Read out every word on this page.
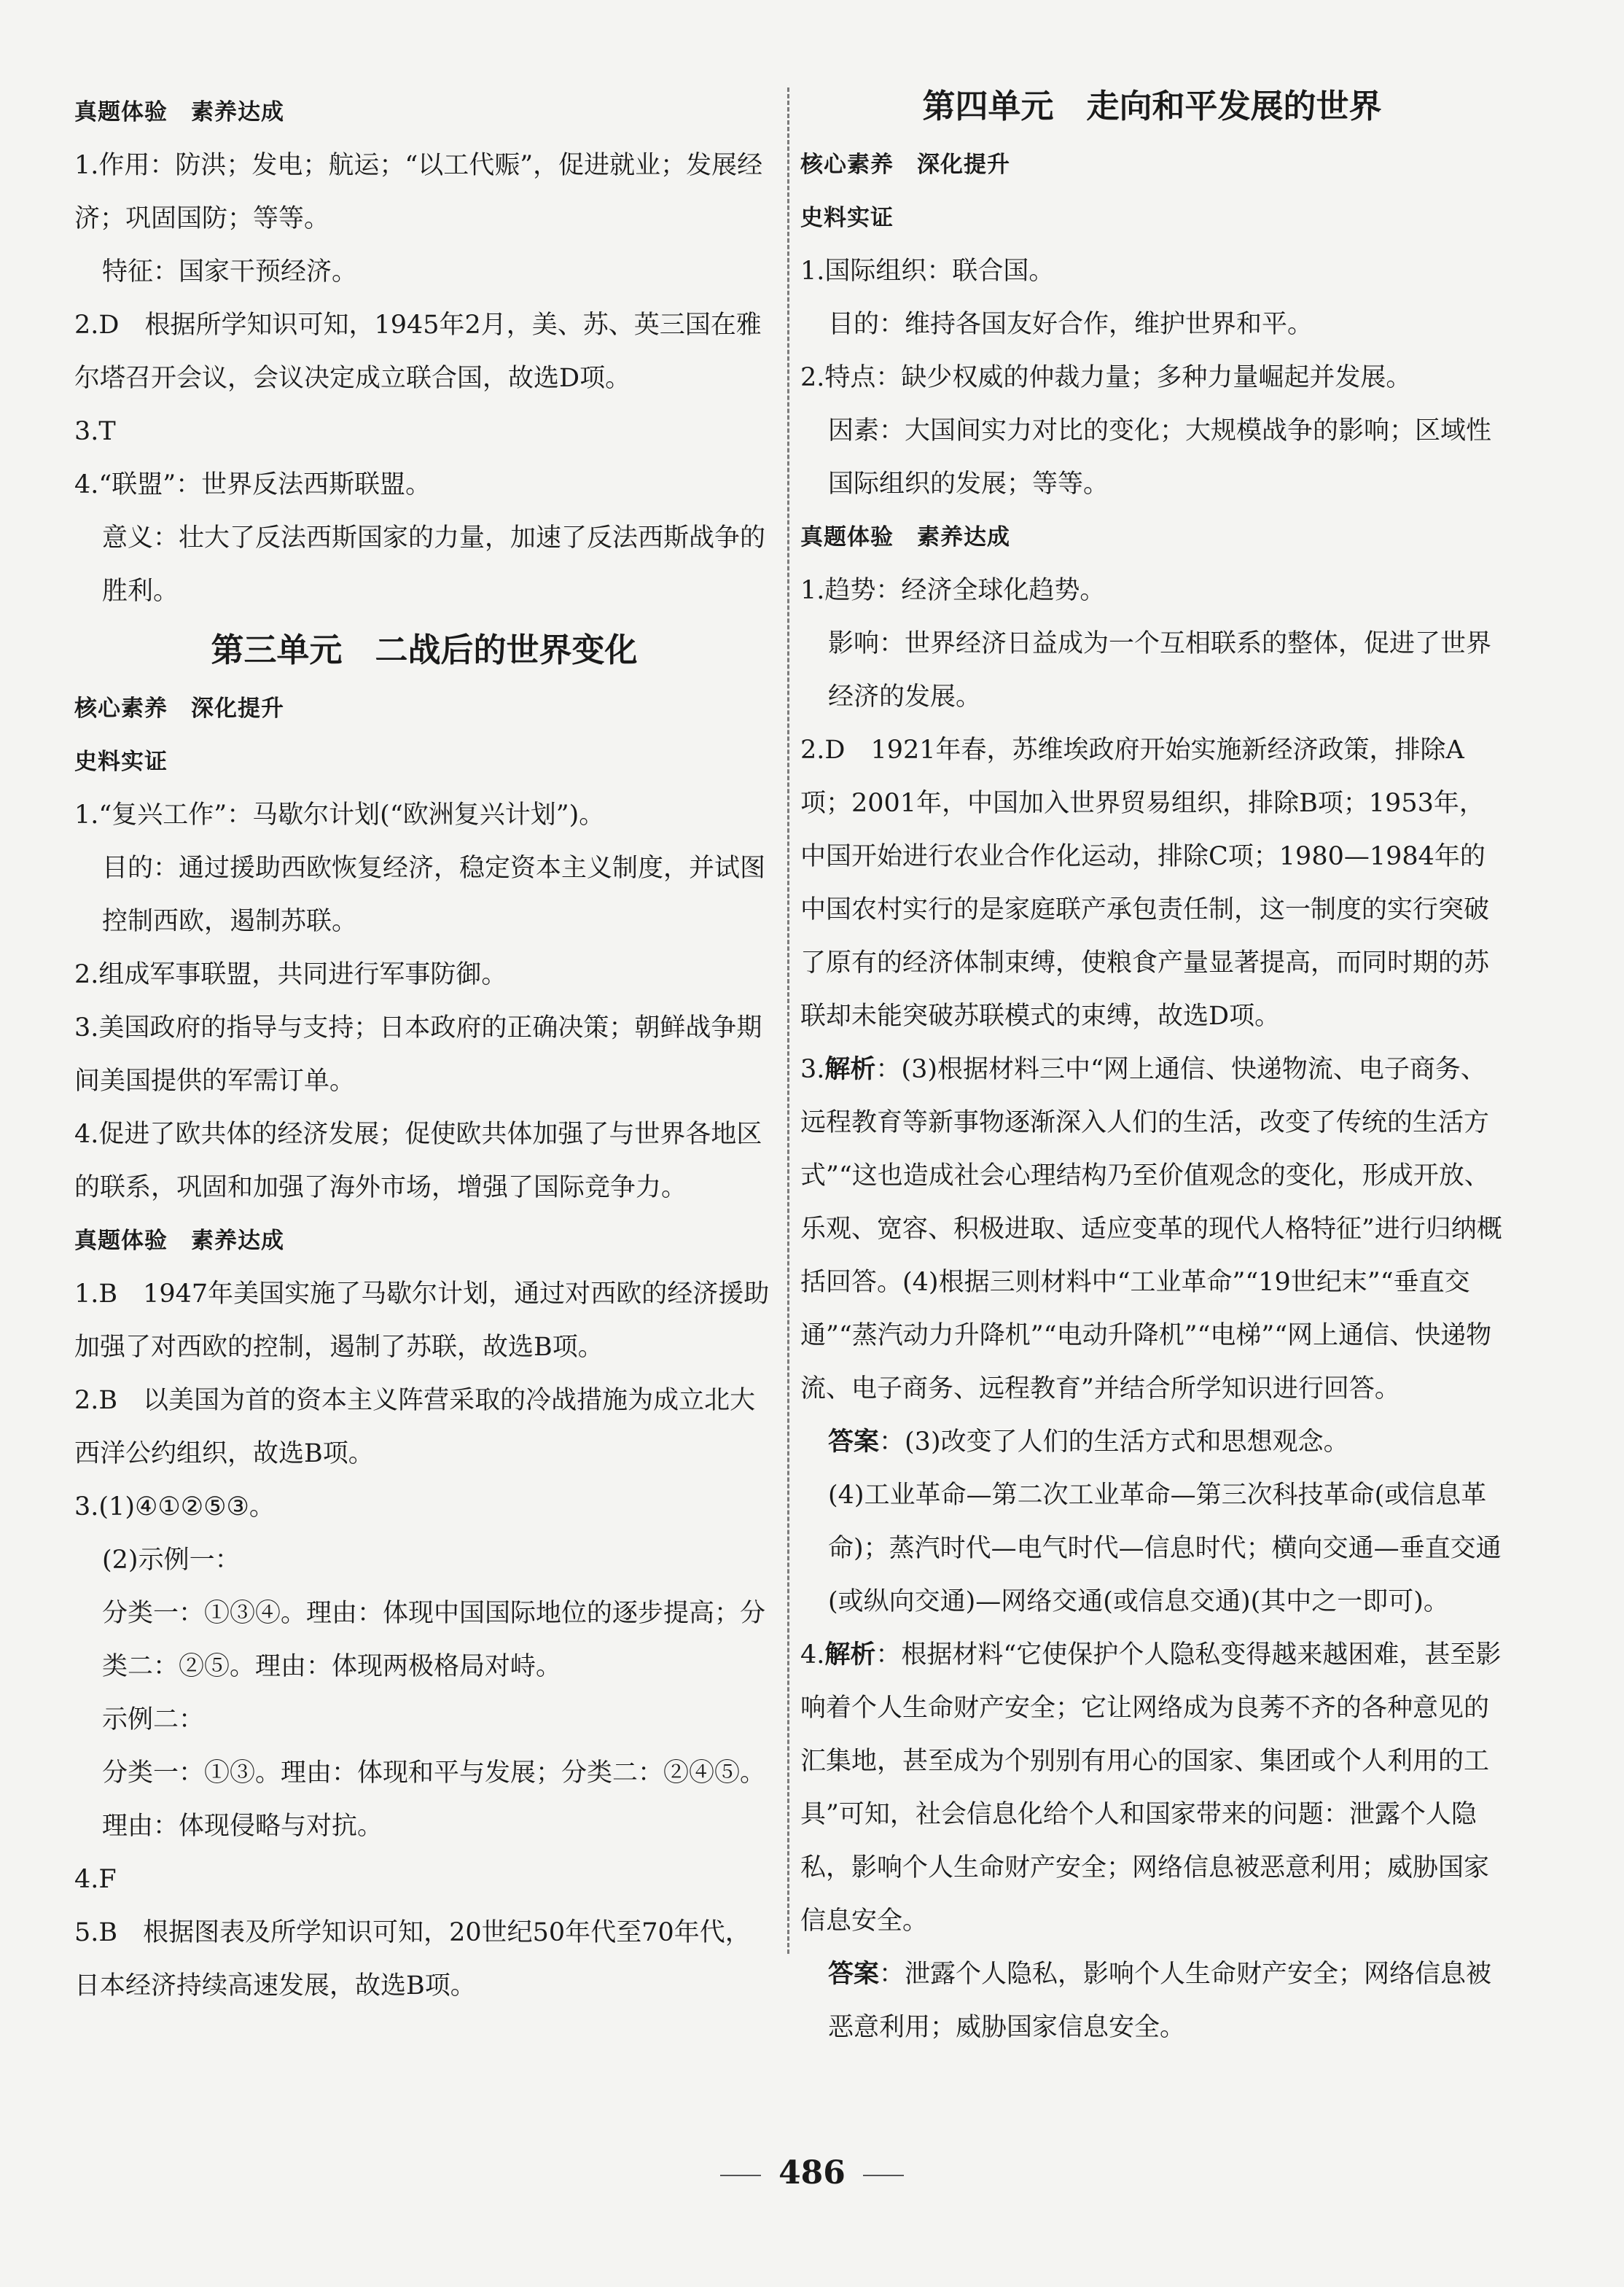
真题体验　素养达成

1.作用：防洪；发电；航运；“以工代赈”，促进就业；发展经济；巩固国防；等等。

特征：国家干预经济。

2.D　根据所学知识可知，1945年2月，美、苏、英三国在雅尔塔召开会议，会议决定成立联合国，故选D项。

3.T

4.“联盟”：世界反法西斯联盟。

意义：壮大了反法西斯国家的力量，加速了反法西斯战争的胜利。

第三单元　二战后的世界变化
核心素养　深化提升
史料实证

1.“复兴工作”：马歇尔计划(“欧洲复兴计划”)。

目的：通过援助西欧恢复经济，稳定资本主义制度，并试图控制西欧，遏制苏联。

2.组成军事联盟，共同进行军事防御。

3.美国政府的指导与支持；日本政府的正确决策；朝鲜战争期间美国提供的军需订单。

4.促进了欧共体的经济发展；促使欧共体加强了与世界各地区的联系，巩固和加强了海外市场，增强了国际竞争力。

真题体验　素养达成

1.B　1947年美国实施了马歇尔计划，通过对西欧的经济援助加强了对西欧的控制，遏制了苏联，故选B项。

2.B　以美国为首的资本主义阵营采取的冷战措施为成立北大西洋公约组织，故选B项。

3.(1)④①②⑤③。

(2)示例一：

分类一：①③④。理由：体现中国国际地位的逐步提高；分类二：②⑤。理由：体现两极格局对峙。

示例二：

分类一：①③。理由：体现和平与发展；分类二：②④⑤。理由：体现侵略与对抗。

4.F

5.B　根据图表及所学知识可知，20世纪50年代至70年代，日本经济持续高速发展，故选B项。

第四单元　走向和平发展的世界
核心素养　深化提升
史料实证

1.国际组织：联合国。

目的：维持各国友好合作，维护世界和平。

2.特点：缺少权威的仲裁力量；多种力量崛起并发展。

因素：大国间实力对比的变化；大规模战争的影响；区域性国际组织的发展；等等。

真题体验　素养达成

1.趋势：经济全球化趋势。

影响：世界经济日益成为一个互相联系的整体，促进了世界经济的发展。

2.D　1921年春，苏维埃政府开始实施新经济政策，排除A项；2001年，中国加入世界贸易组织，排除B项；1953年，中国开始进行农业合作化运动，排除C项；1980—1984年的中国农村实行的是家庭联产承包责任制，这一制度的实行突破了原有的经济体制束缚，使粮食产量显著提高，而同时期的苏联却未能突破苏联模式的束缚，故选D项。

3.解析：(3)根据材料三中“网上通信、快递物流、电子商务、远程教育等新事物逐渐深入人们的生活，改变了传统的生活方式”“这也造成社会心理结构乃至价值观念的变化，形成开放、乐观、宽容、积极进取、适应变革的现代人格特征”进行归纳概括回答。(4)根据三则材料中“工业革命”“19世纪末”“垂直交通”“蒸汽动力升降机”“电动升降机”“电梯”“网上通信、快递物流、电子商务、远程教育”并结合所学知识进行回答。

答案：(3)改变了人们的生活方式和思想观念。

(4)工业革命—第二次工业革命—第三次科技革命(或信息革命)；蒸汽时代—电气时代—信息时代；横向交通—垂直交通(或纵向交通)—网络交通(或信息交通)(其中之一即可)。

4.解析：根据材料“它使保护个人隐私变得越来越困难，甚至影响着个人生命财产安全；它让网络成为良莠不齐的各种意见的汇集地，甚至成为个别别有用心的国家、集团或个人利用的工具”可知，社会信息化给个人和国家带来的问题：泄露个人隐私，影响个人生命财产安全；网络信息被恶意利用；威胁国家信息安全。

答案：泄露个人隐私，影响个人生命财产安全；网络信息被恶意利用；威胁国家信息安全。

486
